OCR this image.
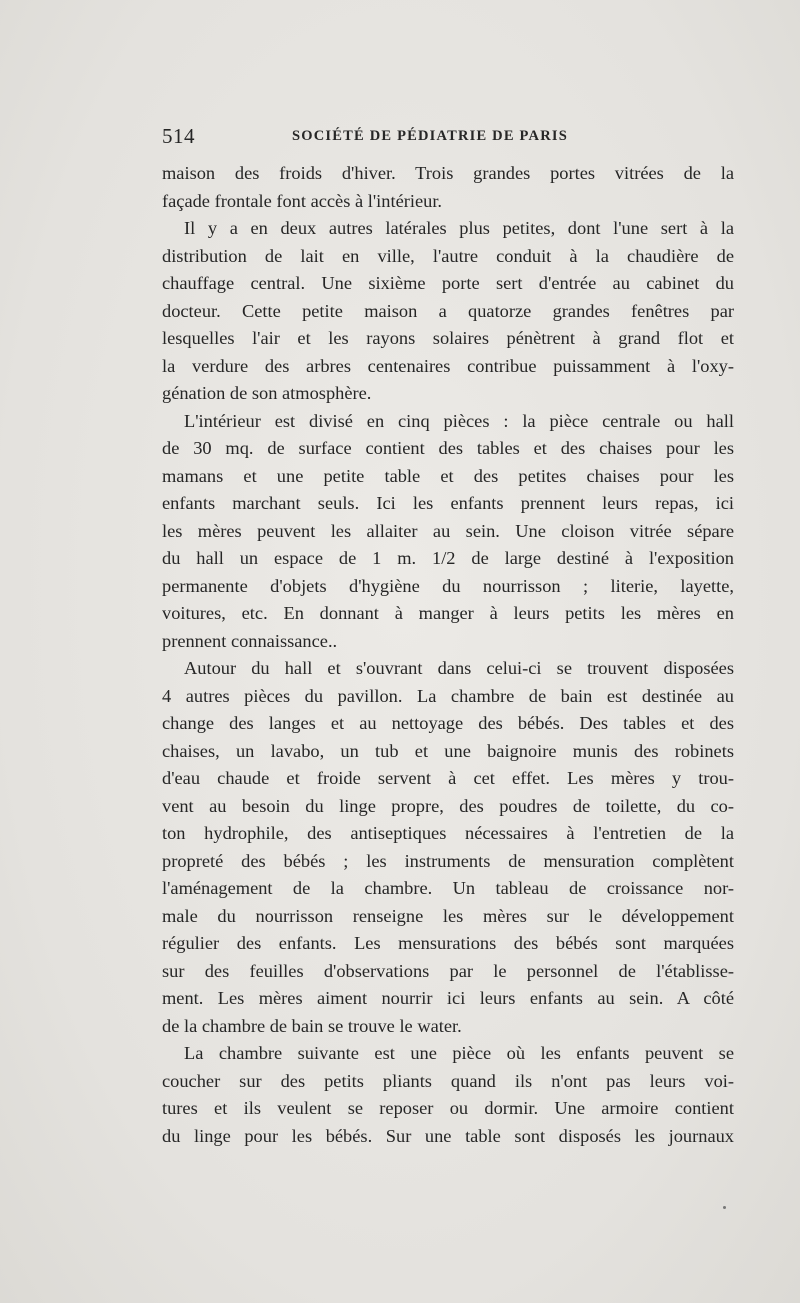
514	SOCIÉTÉ DE PÉDIATRIE DE PARIS
maison des froids d'hiver. Trois grandes portes vitrées de la
façade frontale font accès à l'intérieur.
Il y a en deux autres latérales plus petites, dont l'une sert à la
distribution de lait en ville, l'autre conduit à la chaudière de
chauffage central. Une sixième porte sert d'entrée au cabinet du
docteur. Cette petite maison a quatorze grandes fenêtres par
lesquelles l'air et les rayons solaires pénètrent à grand flot et
la verdure des arbres centenaires contribue puissamment à l'oxy-
génation de son atmosphère.
L'intérieur est divisé en cinq pièces : la pièce centrale ou hall
de 30 mq. de surface contient des tables et des chaises pour les
mamans et une petite table et des petites chaises pour les
enfants marchant seuls. Ici les enfants prennent leurs repas, ici
les mères peuvent les allaiter au sein. Une cloison vitrée sépare
du hall un espace de 1 m. 1/2 de large destiné à l'exposition
permanente d'objets d'hygiène du nourrisson ; literie, layette,
voitures, etc. En donnant à manger à leurs petits les mères en
prennent connaissance..
Autour du hall et s'ouvrant dans celui-ci se trouvent disposées
4 autres pièces du pavillon. La chambre de bain est destinée au
change des langes et au nettoyage des bébés. Des tables et des
chaises, un lavabo, un tub et une baignoire munis des robinets
d'eau chaude et froide servent à cet effet. Les mères y trou-
vent au besoin du linge propre, des poudres de toilette, du co-
ton hydrophile, des antiseptiques nécessaires à l'entretien de la
propreté des bébés ; les instruments de mensuration complètent
l'aménagement de la chambre. Un tableau de croissance nor-
male du nourrisson renseigne les mères sur le développement
régulier des enfants. Les mensurations des bébés sont marquées
sur des feuilles d'observations par le personnel de l'établisse-
ment. Les mères aiment nourrir ici leurs enfants au sein. A côté
de la chambre de bain se trouve le water.
La chambre suivante est une pièce où les enfants peuvent se
coucher sur des petits pliants quand ils n'ont pas leurs voi-
tures et ils veulent se reposer ou dormir. Une armoire contient
du linge pour les bébés. Sur une table sont disposés les journaux
